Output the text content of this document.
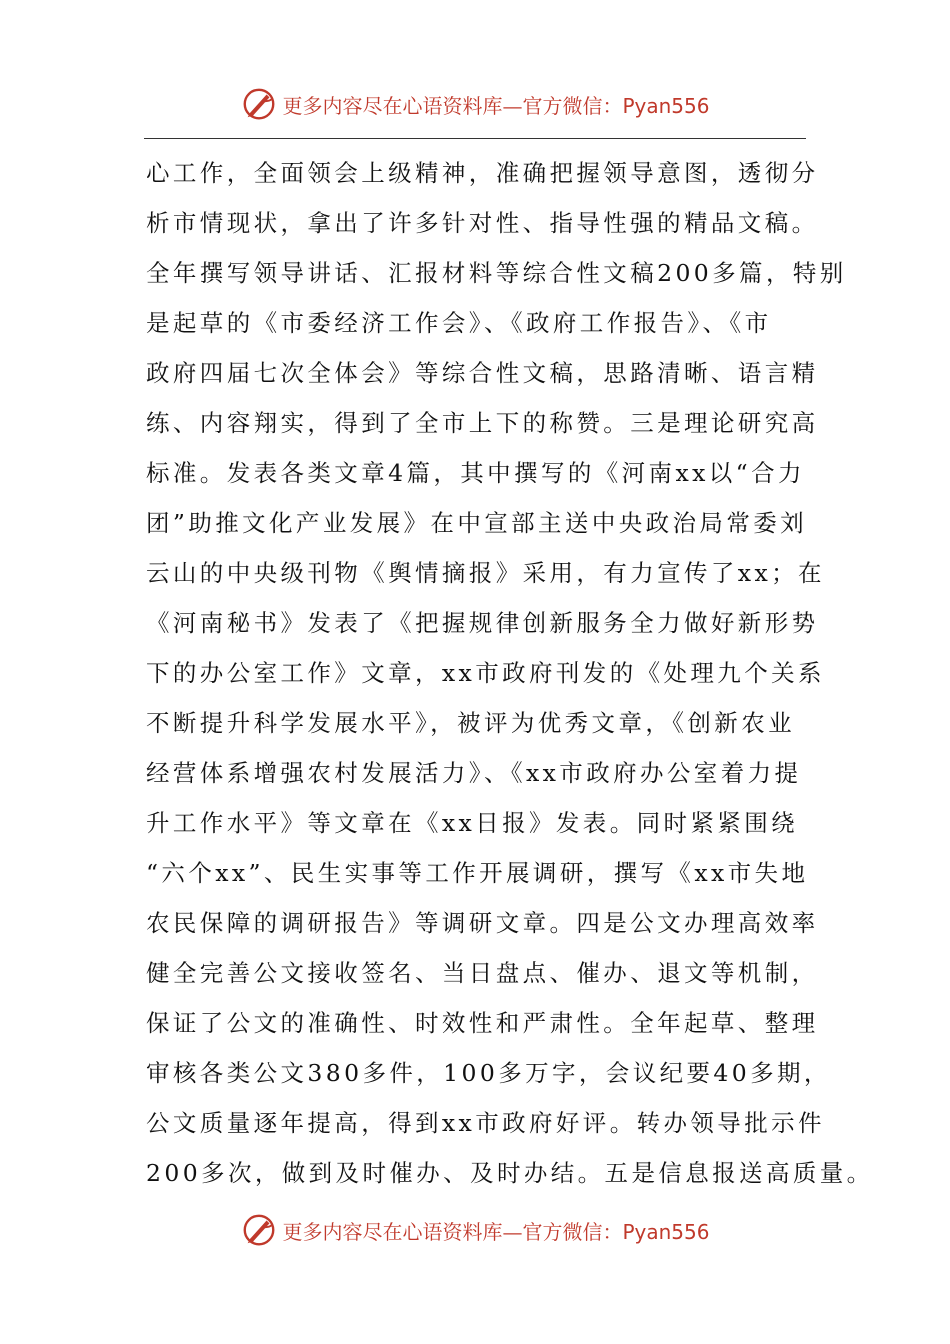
更多内容尽在心语资料库—官方微信：Pyan556
心工作，全面领会上级精神，准确把握领导意图，透彻分
析市情现状，拿出了许多针对性、指导性强的精品文稿。
全年撰写领导讲话、汇报材料等综合性文稿200多篇，特别
是起草的《市委经济工作会》、《政府工作报告》、《市
政府四届七次全体会》等综合性文稿，思路清晰、语言精
练、内容翔实，得到了全市上下的称赞。三是理论研究高
标准。发表各类文章4篇，其中撰写的《河南xx以“合力
团”助推文化产业发展》在中宣部主送中央政治局常委刘
云山的中央级刊物《舆情摘报》采用，有力宣传了xx；在
《河南秘书》发表了《把握规律创新服务全力做好新形势
下的办公室工作》文章，xx市政府刊发的《处理九个关系
不断提升科学发展水平》，被评为优秀文章，《创新农业
经营体系增强农村发展活力》、《xx市政府办公室着力提
升工作水平》等文章在《xx日报》发表。同时紧紧围绕
“六个xx”、民生实事等工作开展调研，撰写《xx市失地
农民保障的调研报告》等调研文章。四是公文办理高效率
健全完善公文接收签名、当日盘点、催办、退文等机制，
保证了公文的准确性、时效性和严肃性。全年起草、整理
审核各类公文380多件，100多万字，会议纪要40多期，
公文质量逐年提高，得到xx市政府好评。转办领导批示件
200多次，做到及时催办、及时办结。五是信息报送高质量。
更多内容尽在心语资料库—官方微信：Pyan556
